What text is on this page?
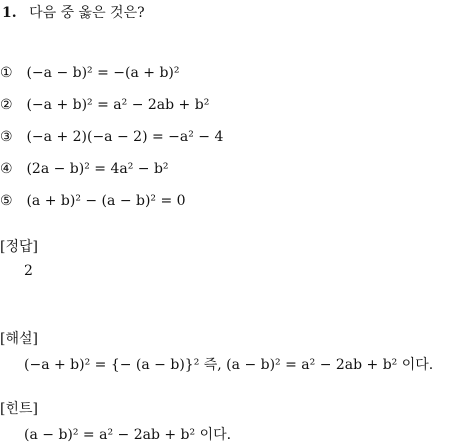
1. 다음 중 옳은 것은?
① (−a − b)² = −(a + b)²
② (−a + b)² = a² − 2ab + b²
③ (−a + 2)(−a − 2) = −a² − 4
④ (2a − b)² = 4a² − b²
⑤ (a + b)² − (a − b)² = 0
[정답]
2
[해설]
(−a + b)² = {− (a − b)}² 즉, (a − b)² = a² − 2ab + b² 이다.
[힌트]
(a − b)² = a² − 2ab + b² 이다.
